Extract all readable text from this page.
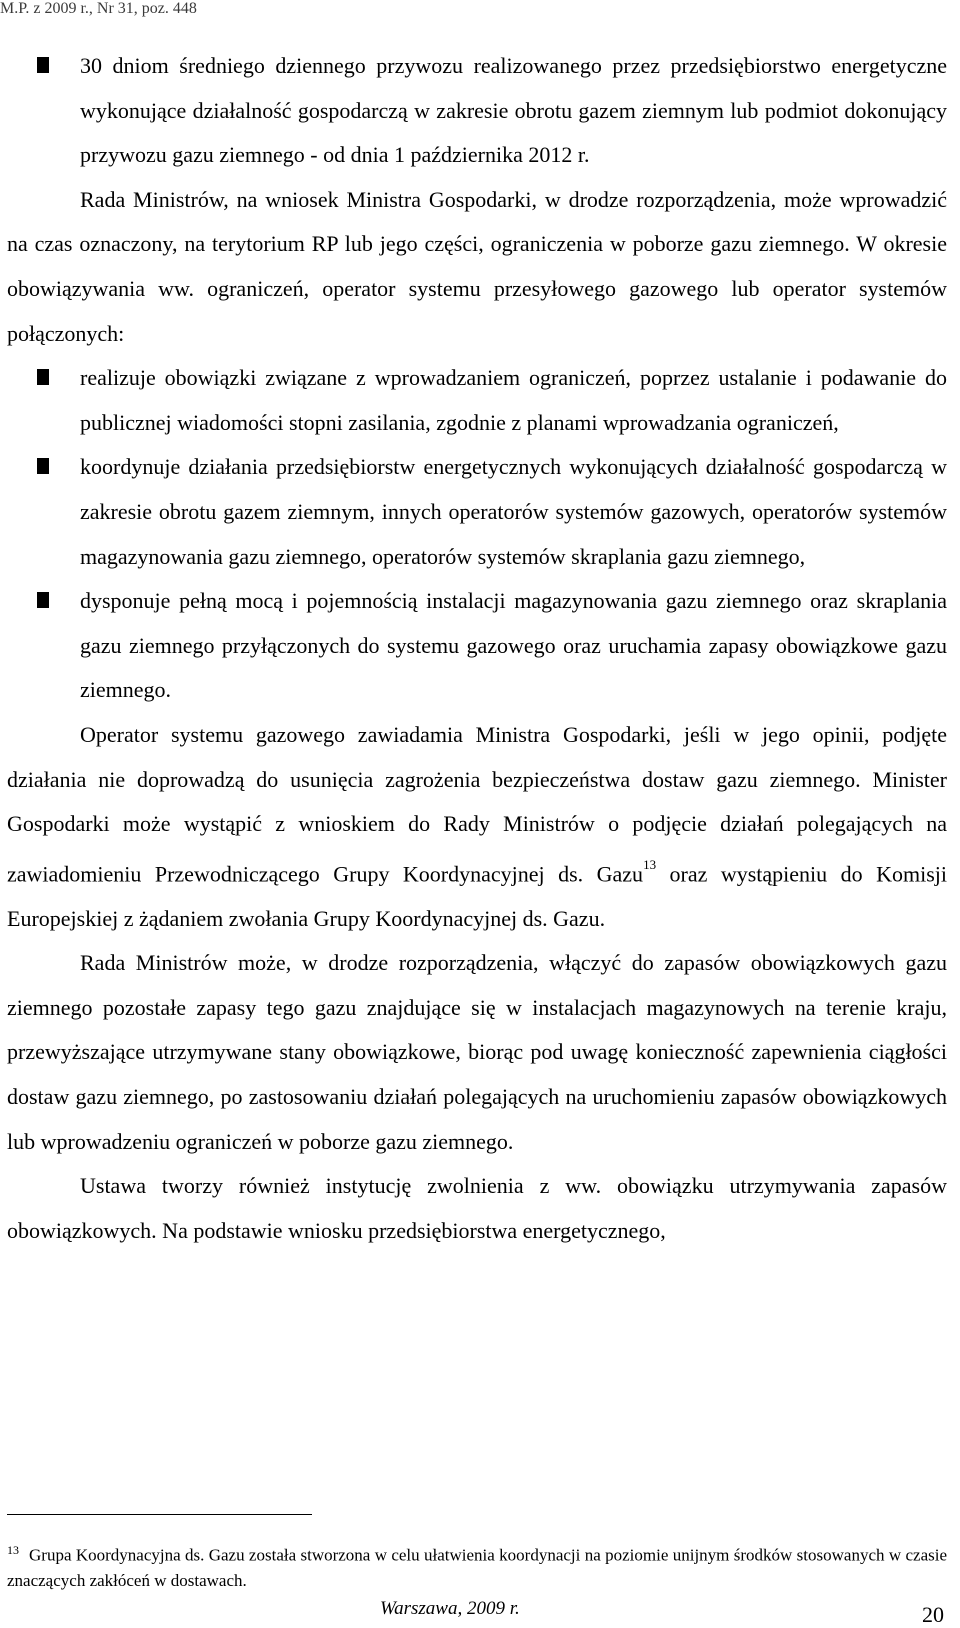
M.P. z 2009 r., Nr 31, poz. 448

30 dniom średniego dziennego przywozu realizowanego przez przedsiębiorstwo energetyczne wykonujące działalność gospodarczą w zakresie obrotu gazem ziemnym lub podmiot dokonujący przywozu gazu ziemnego - od dnia 1 października 2012 r.

Rada Ministrów, na wniosek Ministra Gospodarki, w drodze rozporządzenia, może wprowadzić na czas oznaczony, na terytorium RP lub jego części, ograniczenia w poborze gazu ziemnego. W okresie obowiązywania ww. ograniczeń, operator systemu przesyłowego gazowego lub operator systemów połączonych:

realizuje obowiązki związane z wprowadzaniem ograniczeń, poprzez ustalanie i podawanie do publicznej wiadomości stopni zasilania, zgodnie z planami wprowadzania ograniczeń,

koordynuje działania przedsiębiorstw energetycznych wykonujących działalność gospodarczą w zakresie obrotu gazem ziemnym, innych operatorów systemów gazowych, operatorów systemów magazynowania gazu ziemnego, operatorów systemów skraplania gazu ziemnego,

dysponuje pełną mocą i pojemnością instalacji magazynowania gazu ziemnego oraz skraplania gazu ziemnego przyłączonych do systemu gazowego oraz uruchamia zapasy obowiązkowe gazu ziemnego.

Operator systemu gazowego zawiadamia Ministra Gospodarki, jeśli w jego opinii, podjęte działania nie doprowadzą do usunięcia zagrożenia bezpieczeństwa dostaw gazu ziemnego. Minister Gospodarki może wystąpić z wnioskiem do Rady Ministrów o podjęcie działań polegających na zawiadomieniu Przewodniczącego Grupy Koordynacyjnej ds. Gazu$^{13}$ oraz wystąpieniu do Komisji Europejskiej z żądaniem zwołania Grupy Koordynacyjnej ds. Gazu.

Rada Ministrów może, w drodze rozporządzenia, włączyć do zapasów obowiązkowych gazu ziemnego pozostałe zapasy tego gazu znajdujące się w instalacjach magazynowych na terenie kraju, przewyższające utrzymywane stany obowiązkowe, biorąc pod uwagę konieczność zapewnienia ciągłości dostaw gazu ziemnego, po zastosowaniu działań polegających na uruchomieniu zapasów obowiązkowych lub wprowadzeniu ograniczeń w poborze gazu ziemnego.

Ustawa tworzy również instytucję zwolnienia z ww. obowiązku utrzymywania zapasów obowiązkowych. Na podstawie wniosku przedsiębiorstwa energetycznego,

$^{13}$ Grupa Koordynacyjna ds. Gazu została stworzona w celu ułatwienia koordynacji na poziomie unijnym środków stosowanych w czasie znaczących zakłóceń w dostawach.
Warszawa, 2009 r.	20
